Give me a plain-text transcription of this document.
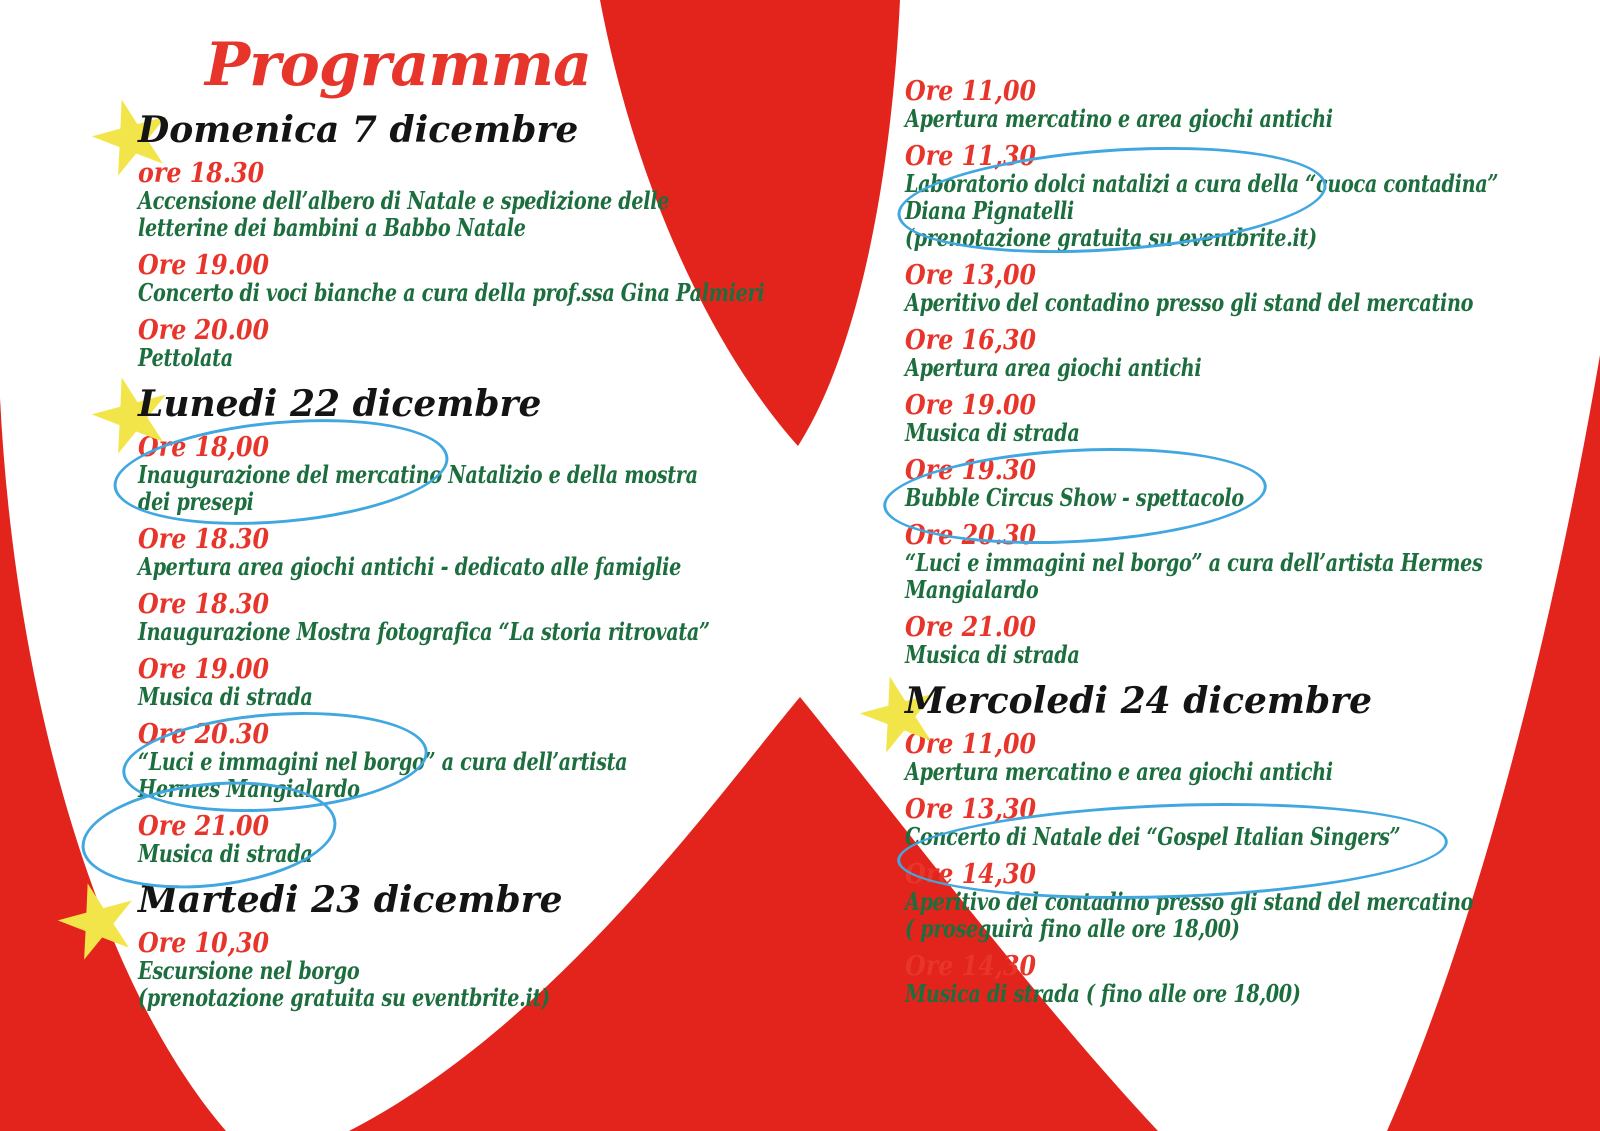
Programma
Domenica 7 dicembre
ore 18.30
Accensione dell’albero di Natale e spedizione delle
letterine dei bambini a Babbo Natale
Ore 19.00
Concerto di voci bianche a cura della prof.ssa Gina Palmieri
Ore 20.00
Pettolata
Lunedi 22 dicembre
Ore 18,00
Inaugurazione del mercatino Natalizio e della mostra
dei presepi
Ore 18.30
Apertura area giochi antichi - dedicato alle famiglie
Ore 18.30
Inaugurazione Mostra fotografica “La storia ritrovata”
Ore 19.00
Musica di strada
Ore 20.30
“Luci e immagini nel borgo” a cura dell’artista
Hermes Mangialardo
Ore 21.00
Musica di strada
Martedi 23 dicembre
Ore 10,30
Escursione nel borgo
(prenotazione gratuita su eventbrite.it)
Ore 11,00
Apertura mercatino e area giochi antichi
Ore 11,30
Laboratorio dolci natalizi a cura della “cuoca contadina”
Diana Pignatelli
(prenotazione gratuita su eventbrite.it)
Ore 13,00
Aperitivo del contadino presso gli stand del mercatino
Ore 16,30
Apertura area giochi antichi
Ore 19.00
Musica di strada
Ore 19.30
Bubble Circus Show - spettacolo
Ore 20.30
“Luci e immagini nel borgo” a cura dell’artista Hermes
Mangialardo
Ore 21.00
Musica di strada
Mercoledi 24 dicembre
Ore 11,00
Apertura mercatino e area giochi antichi
Ore 13,30
Concerto di Natale dei “Gospel Italian Singers”
Ore 14,30
Aperitivo del contadino presso gli stand del mercatino
( proseguirà fino alle ore 18,00)
Ore 14,30
Musica di strada ( fino alle ore 18,00)
